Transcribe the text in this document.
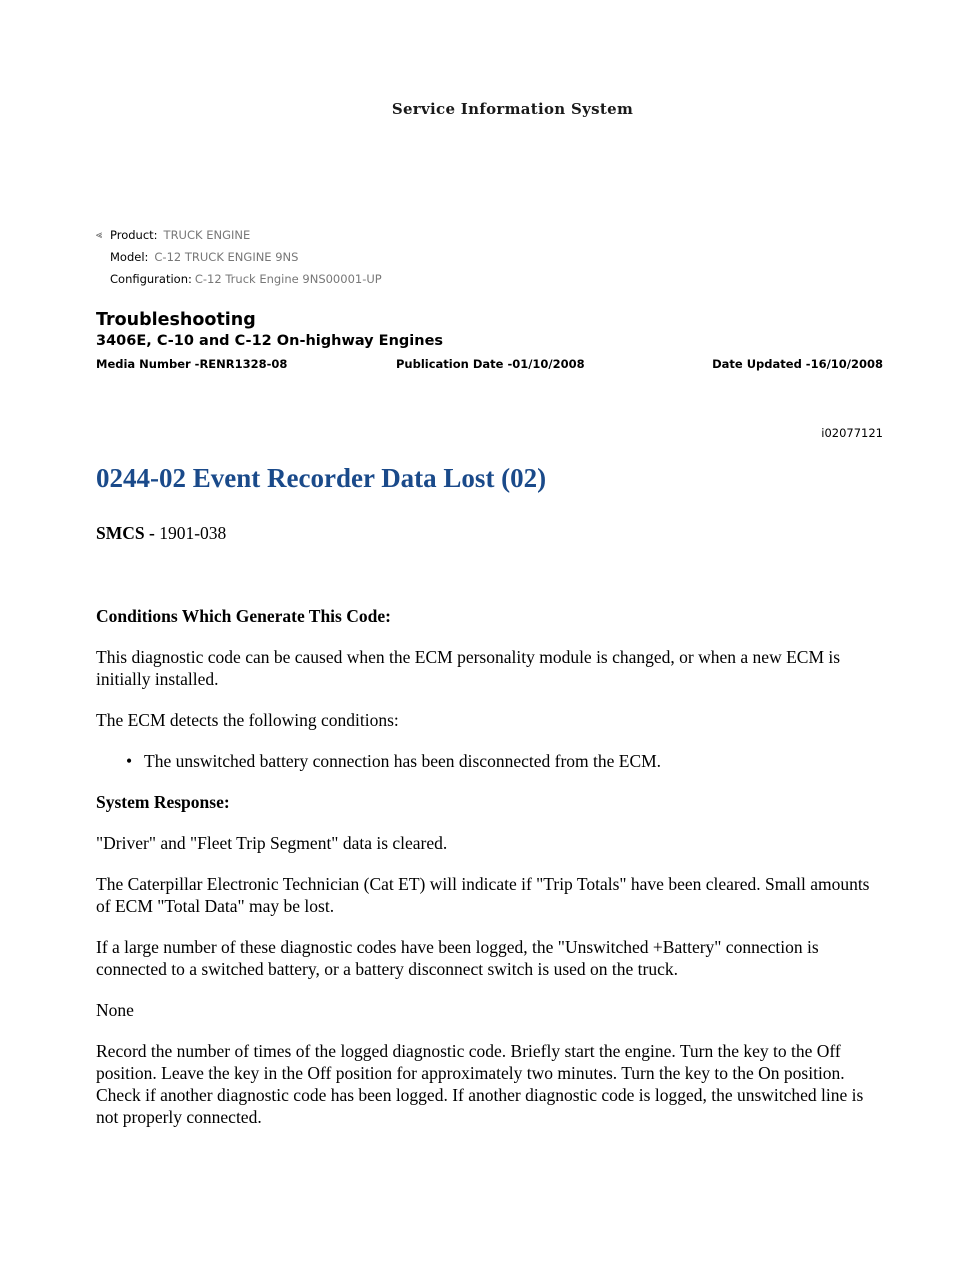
Service Information System
⪡ Product: TRUCK ENGINE
Model: C-12 TRUCK ENGINE 9NS
Configuration: C-12 Truck Engine 9NS00001-UP
Troubleshooting
3406E, C-10 and C-12 On-highway Engines
Media Number -RENR1328-08	Publication Date -01/10/2008	Date Updated -16/10/2008
i02077121
0244-02 Event Recorder Data Lost (02)
SMCS - 1901-038
Conditions Which Generate This Code:

This diagnostic code can be caused when the ECM personality module is changed, or when a new ECM is initially installed.

The ECM detects the following conditions:

• The unswitched battery connection has been disconnected from the ECM.
System Response:

"Driver" and "Fleet Trip Segment" data is cleared.

The Caterpillar Electronic Technician (Cat ET) will indicate if "Trip Totals" have been cleared. Small amounts of ECM "Total Data" may be lost.

If a large number of these diagnostic codes have been logged, the "Unswitched +Battery" connection is connected to a switched battery, or a battery disconnect switch is used on the truck.

None

Record the number of times of the logged diagnostic code. Briefly start the engine. Turn the key to the Off position. Leave the key in the Off position for approximately two minutes. Turn the key to the On position. Check if another diagnostic code has been logged. If another diagnostic code is logged, the unswitched line is not properly connected.
